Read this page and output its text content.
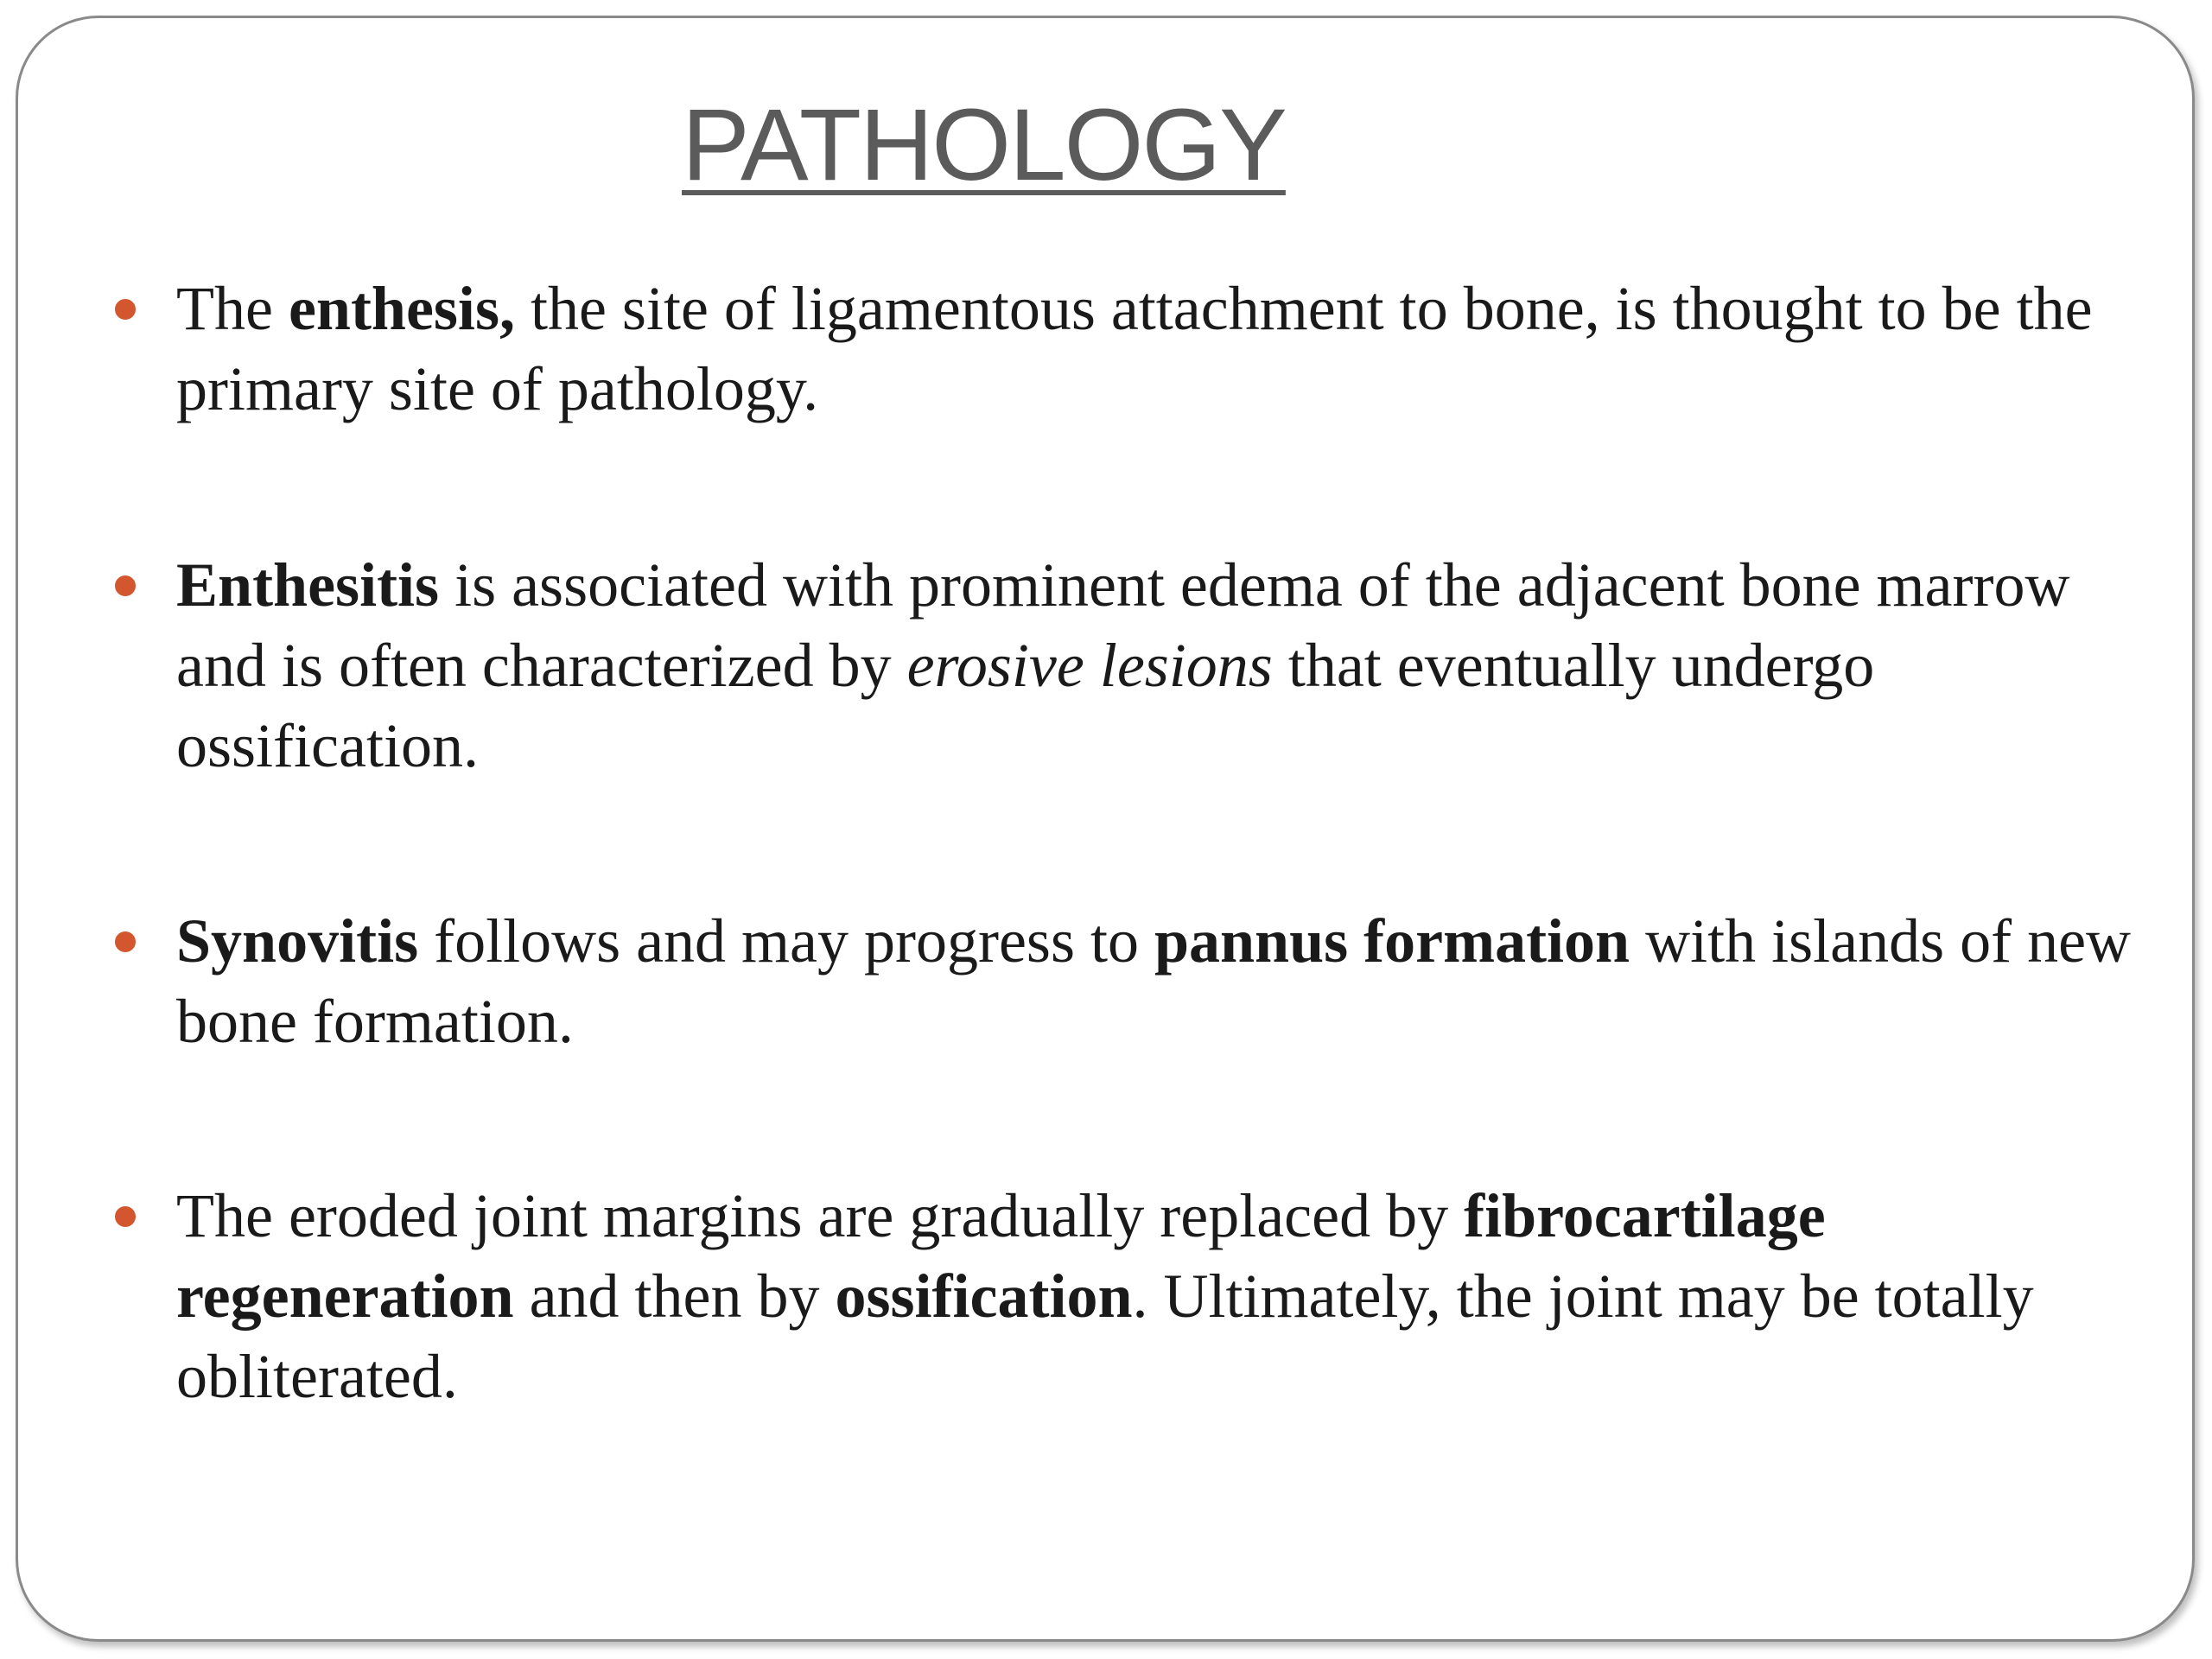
PATHOLOGY
The enthesis, the site of ligamentous attachment to bone, is thought to be the primary site of pathology.
Enthesitis is associated with prominent edema of the adjacent bone marrow and is often characterized by erosive lesions that eventually undergo ossification.
Synovitis follows and may progress to pannus formation with islands of new bone formation.
The eroded joint margins are gradually replaced by fibrocartilage regeneration and then by ossification. Ultimately, the joint may be totally obliterated.
